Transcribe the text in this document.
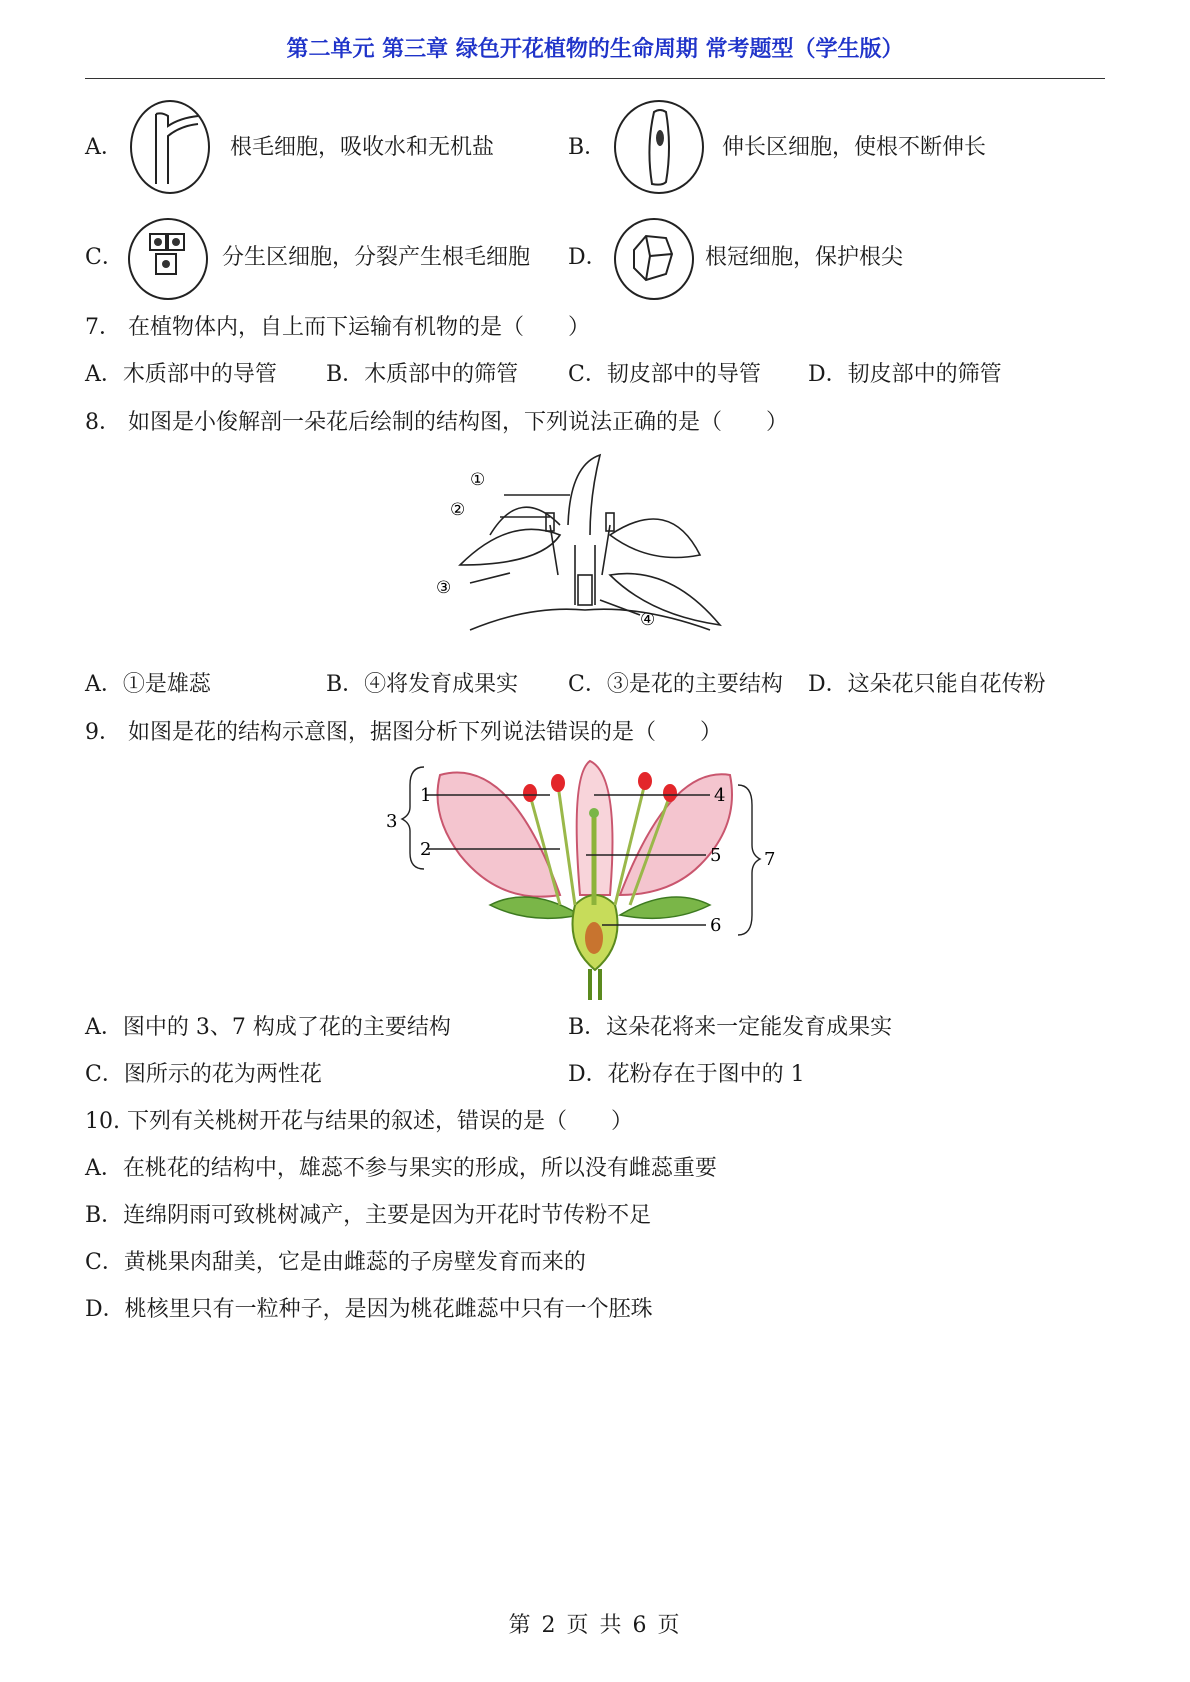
第二单元 第三章 绿色开花植物的生命周期 常考题型（学生版）
A．	根毛细胞，吸收水和无机盐	B．	伸长区细胞，使根不断伸长
C．	分生区细胞，分裂产生根毛细胞 D．	根冠细胞，保护根尖
7． 在植物体内，自上而下运输有机物的是（　　）
A．木质部中的导管 B．木质部中的筛管 C．韧皮部中的导管 D．韧皮部中的筛管
8． 如图是小俊解剖一朵花后绘制的结构图，下列说法正确的是（　　）
①
②
③
④
A．①是雄蕊	B．④将发育成果实 C．③是花的主要结构 D．这朵花只能自花传粉
9． 如图是花的结构示意图，据图分析下列说法错误的是（　　）
1
2
3
4
5
6
7
A．图中的 3、7 构成了花的主要结构	B．这朵花将来一定能发育成果实
C．图所示的花为两性花	D．花粉存在于图中的 1
10. 下列有关桃树开花与结果的叙述，错误的是（　　）
A．在桃花的结构中，雄蕊不参与果实的形成，所以没有雌蕊重要
B．连绵阴雨可致桃树减产，主要是因为开花时节传粉不足
C．黄桃果肉甜美，它是由雌蕊的子房壁发育而来的
D．桃核里只有一粒种子，是因为桃花雌蕊中只有一个胚珠
第 2 页 共 6 页
